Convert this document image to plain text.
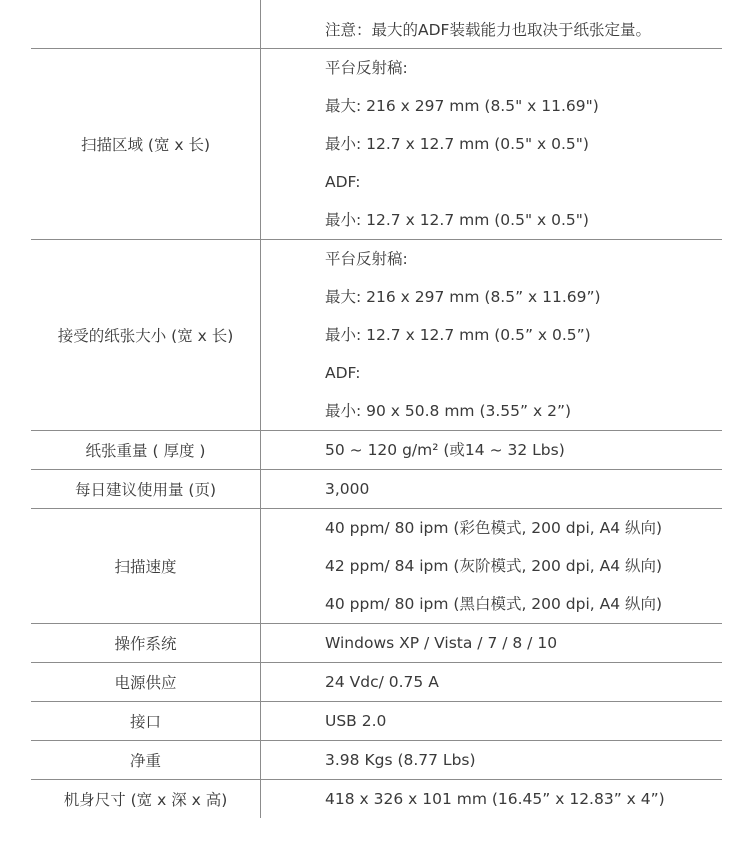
	注意：最大的ADF装载能力也取决于纸张定量。

扫描区域 (宽 x 长)	平台反射稿:
最大: 216 x 297 mm (8.5" x 11.69")
最小: 12.7 x 12.7 mm (0.5" x 0.5")
ADF:
最小: 12.7 x 12.7 mm (0.5" x 0.5")

接受的纸张大小 (宽 x 长)	平台反射稿:
最大: 216 x 297 mm (8.5” x 11.69”)
最小: 12.7 x 12.7 mm (0.5” x 0.5”)
ADF:
最小: 90 x 50.8 mm (3.55” x 2”)

纸张重量 ( 厚度 )	50 ~ 120 g/m² (或14 ~ 32 Lbs)

每日建议使用量 (页)	3,000

扫描速度	40 ppm/ 80 ipm (彩色模式, 200 dpi, A4 纵向)
42 ppm/ 84 ipm (灰阶模式, 200 dpi, A4 纵向)
40 ppm/ 80 ipm (黑白模式, 200 dpi, A4 纵向)

操作系统	Windows XP / Vista / 7 / 8 / 10

电源供应	24 Vdc/ 0.75 A

接口	USB 2.0

净重	3.98 Kgs (8.77 Lbs)

机身尺寸 (宽 x 深 x 高)	418 x 326 x 101 mm (16.45” x 12.83” x 4”)
